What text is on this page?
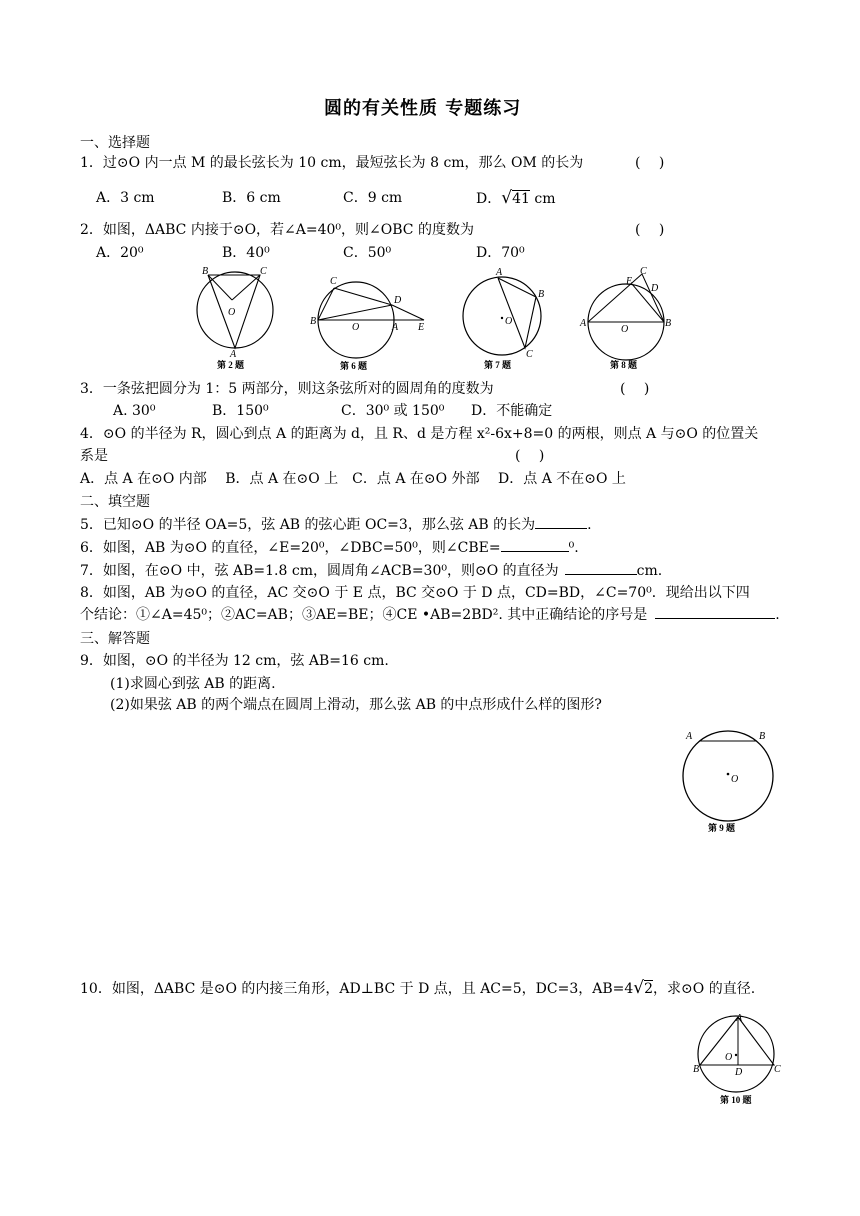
圆的有关性质 专题练习
一、选择题
1．过⊙O 内一点 M 的最长弦长为 10 cm，最短弦长为 8 cm，那么 OM 的长为	(　 )
A．3 cm	B．6 cm	C．9 cm	D．√41 cm
2．如图，ΔABC 内接于⊙O，若∠A=40⁰，则∠OBC 的度数为	(　 )
A．20⁰	B．40⁰	C．50⁰	D．70⁰
B	C
O
A
第 2 题
C
D
B
O	A E
第 6 题
A
B
O
C
第 7 题
E
C
D
A
O
B
第 8 题
3．一条弦把圆分为 1：5 两部分，则这条弦所对的圆周角的度数为	(　 )
A. 30⁰	B．150⁰	C．30⁰ 或 150⁰ D．不能确定
4．⊙O 的半径为 R，圆心到点 A 的距离为 d，且 R、d 是方程 x²-6x+8=0 的两根，则点 A 与⊙O 的位置关
系是	(　 )
A．点 A 在⊙O 内部　 B．点 A 在⊙O 上　C．点 A 在⊙O 外部　 D．点 A 不在⊙O 上
二、填空题
5．已知⊙O 的半径 OA=5，弦 AB 的弦心距 OC=3，那么弦 AB 的长为	.
6．如图，AB 为⊙O 的直径，∠E=20⁰，∠DBC=50⁰，则∠CBE=	⁰.
7．如图，在⊙O 中，弦 AB=1.8 cm，圆周角∠ACB=30⁰，则⊙O 的直径为	cm.
8．如图，AB 为⊙O 的直径，AC 交⊙O 于 E 点，BC 交⊙O 于 D 点，CD=BD，∠C=70⁰．现给出以下四
个结论：①∠A=45⁰；②AC=AB；③AE=BE；④CE •AB=2BD². 其中正确结论的序号是	.
三、解答题
9．如图，⊙O 的半径为 12 cm，弦 AB=16 cm.
(1)求圆心到弦 AB 的距离.
(2)如果弦 AB 的两个端点在圆周上滑动，那么弦 AB 的中点形成什么样的图形?
A	B
O
第 9 题
10．如图，ΔABC 是⊙O 的内接三角形，AD⊥BC 于 D 点，且 AC=5，DC=3，AB=4√2，求⊙O 的直径.
A
B
O
D	C
第 10 题
